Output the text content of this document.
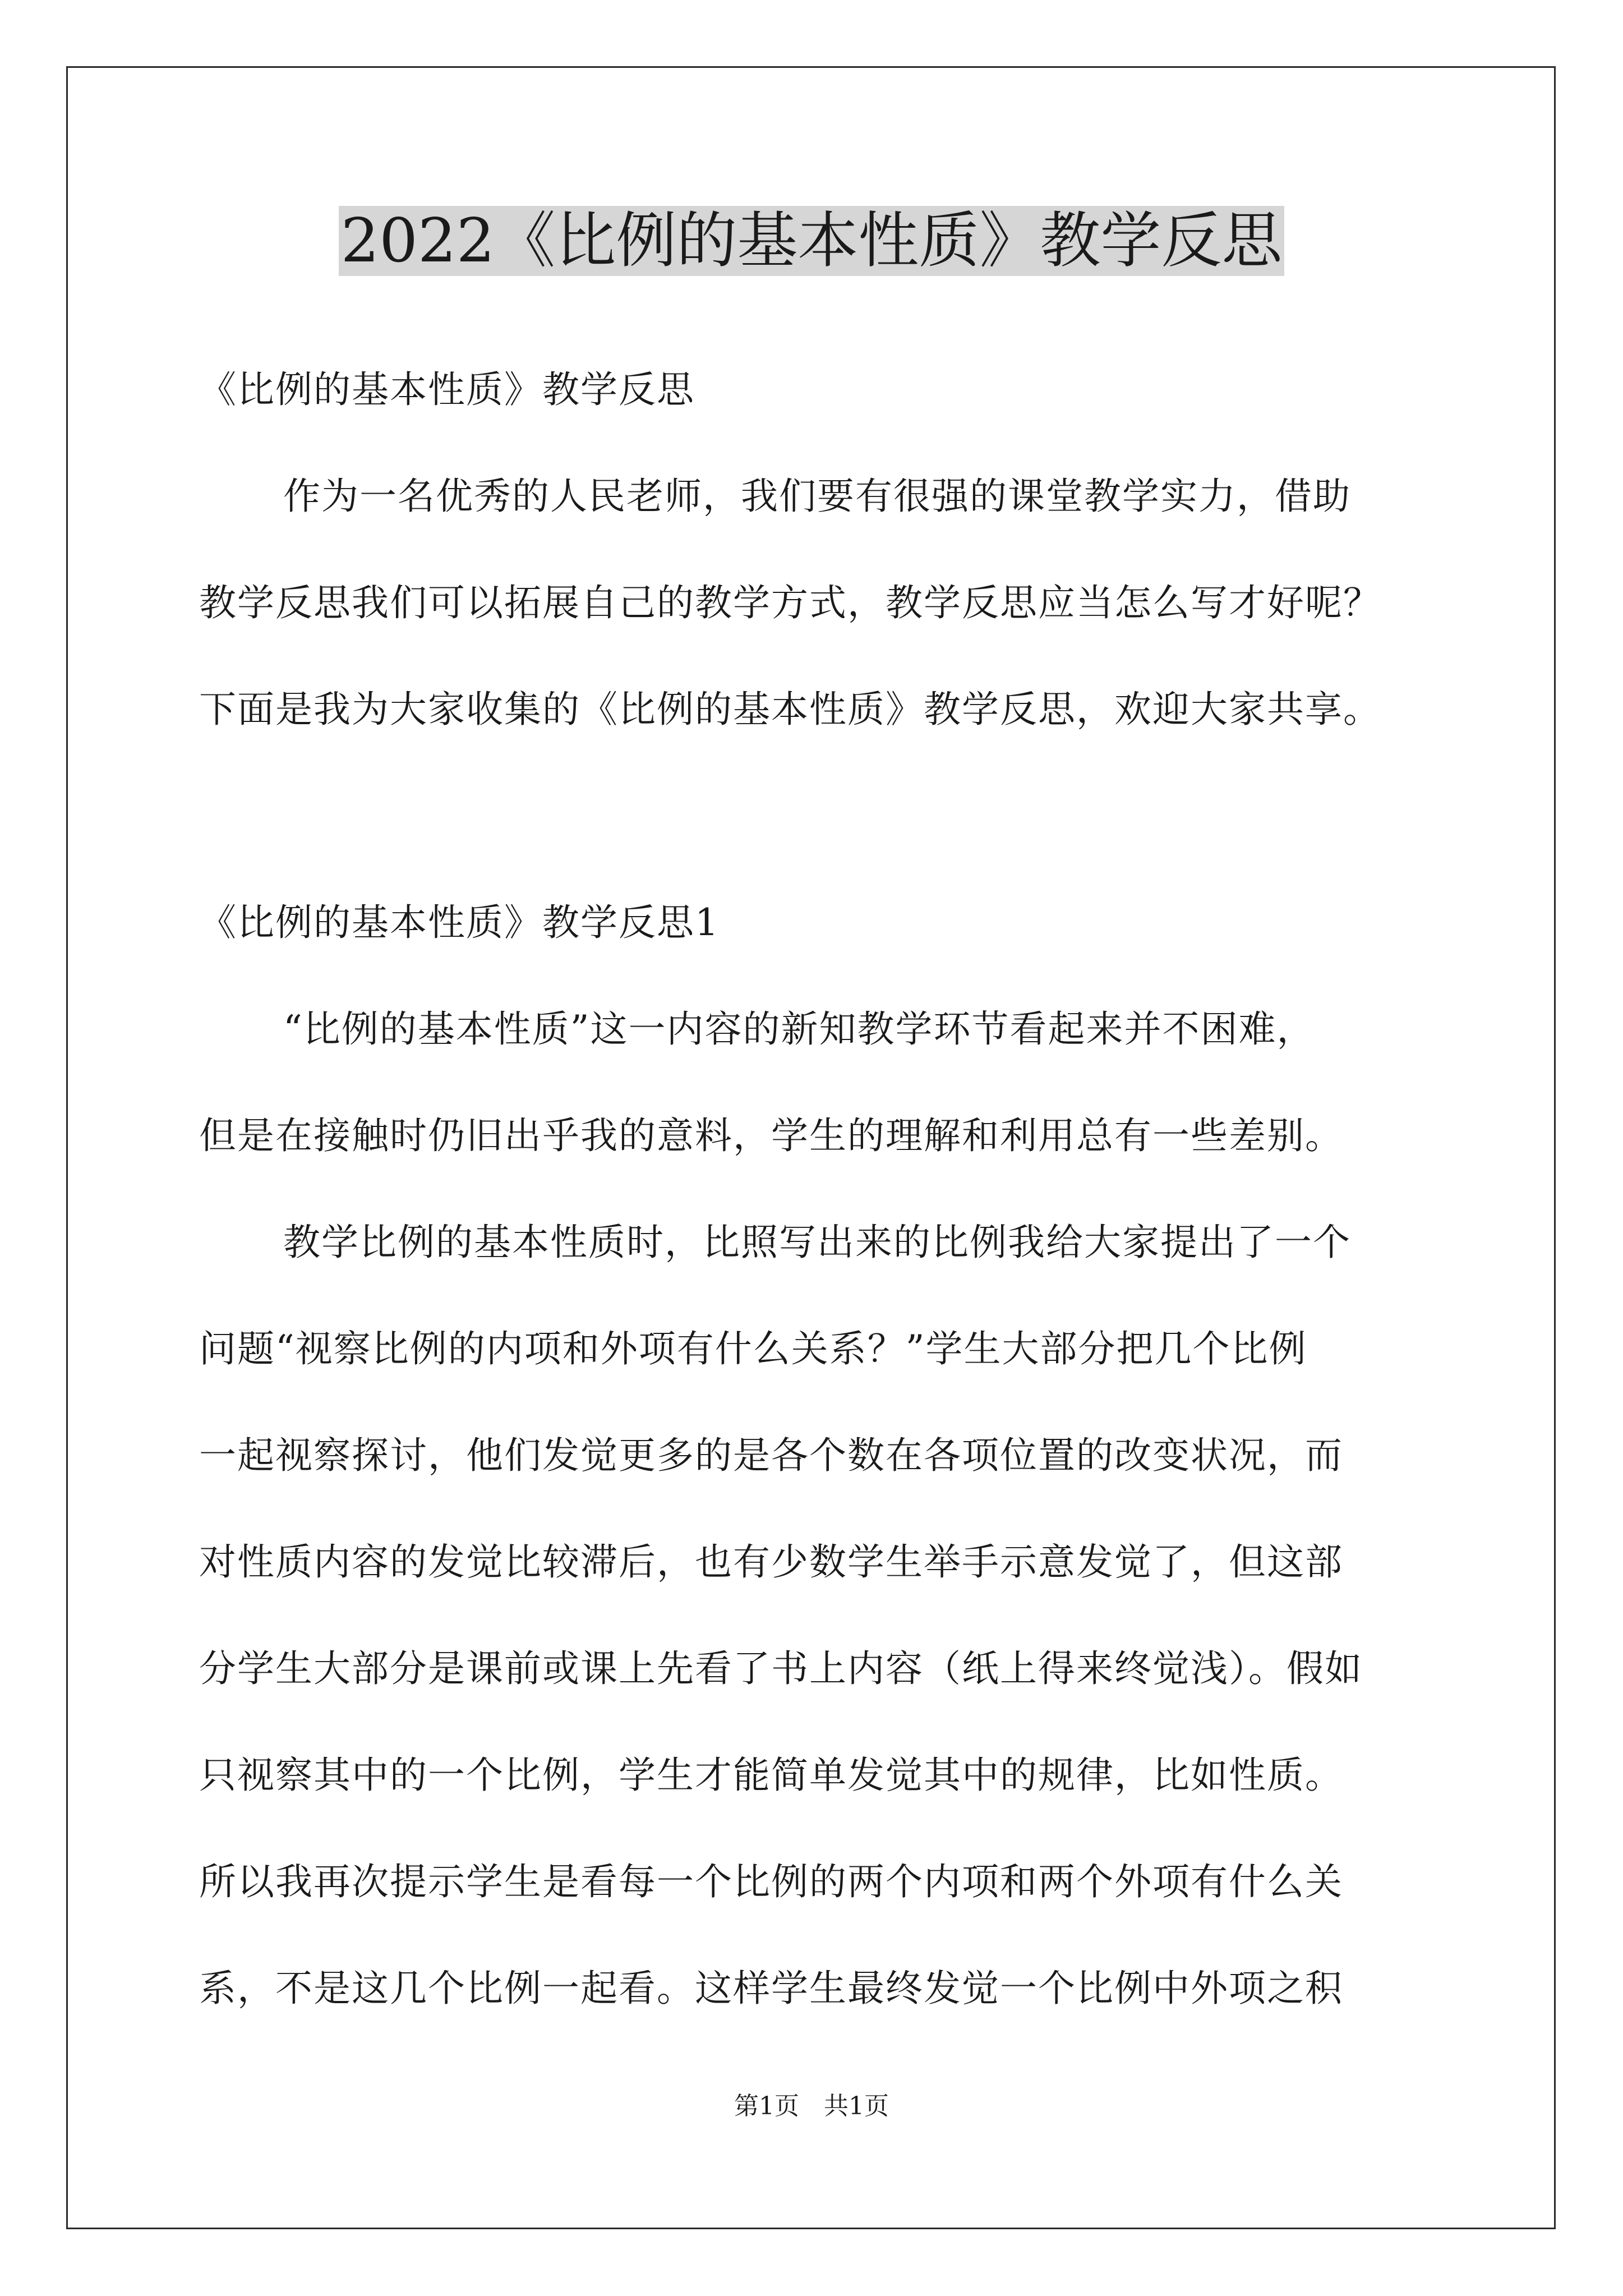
2022《比例的基本性质》教学反思
《比例的基本性质》教学反思
作为一名优秀的人民老师，我们要有很强的课堂教学实力，借助
教学反思我们可以拓展自己的教学方式，教学反思应当怎么写才好呢？
下面是我为大家收集的《比例的基本性质》教学反思，欢迎大家共享。
《比例的基本性质》教学反思1
“比例的基本性质”这一内容的新知教学环节看起来并不困难，
但是在接触时仍旧出乎我的意料，学生的理解和利用总有一些差别。
教学比例的基本性质时，比照写出来的比例我给大家提出了一个
问题“视察比例的内项和外项有什么关系？”学生大部分把几个比例
一起视察探讨，他们发觉更多的是各个数在各项位置的改变状况，而
对性质内容的发觉比较滞后，也有少数学生举手示意发觉了，但这部
分学生大部分是课前或课上先看了书上内容（纸上得来终觉浅）。假如
只视察其中的一个比例，学生才能简单发觉其中的规律，比如性质。
所以我再次提示学生是看每一个比例的两个内项和两个外项有什么关
系，不是这几个比例一起看。这样学生最终发觉一个比例中外项之积
第1页　共1页
